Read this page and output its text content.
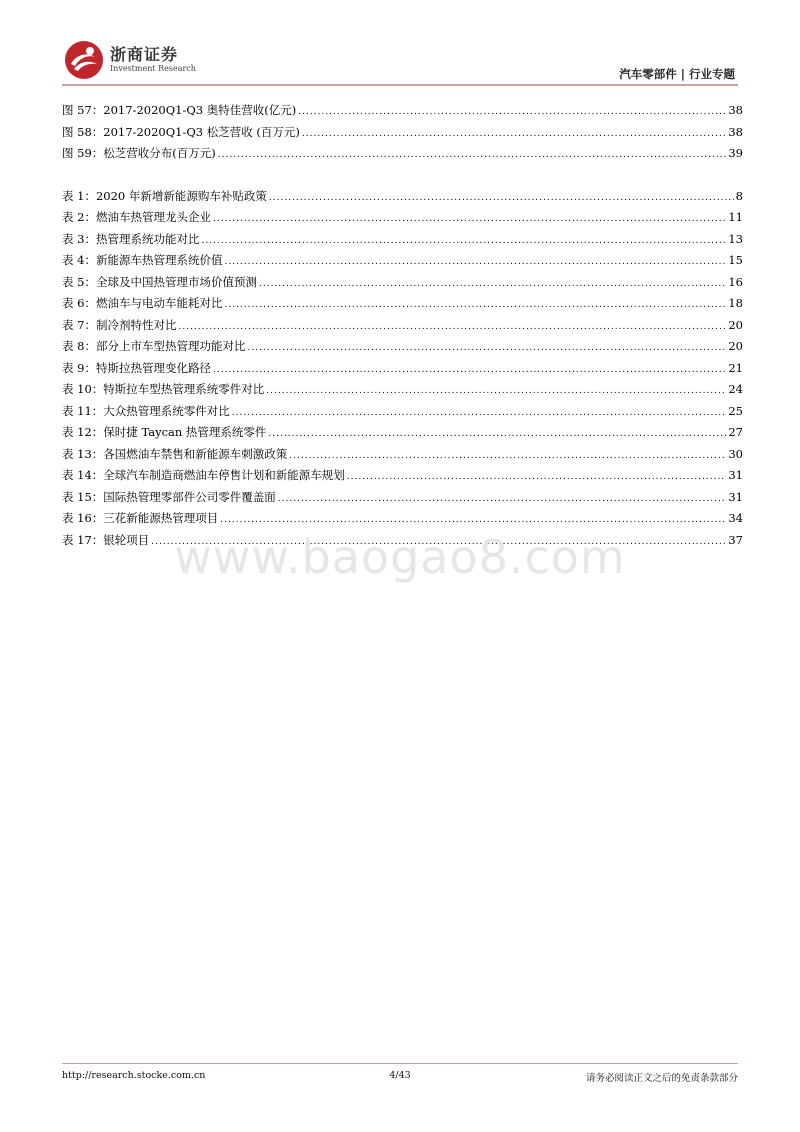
浙商证券
Investment Research	汽车零部件 | 行业专题
图 57：2017-2020Q1-Q3 奥特佳营收(亿元) .....	38
图 58：2017-2020Q1-Q3 松芝营收 (百万元) .....	38
图 59：松芝营收分布(百万元) .....	39
表 1：2020 年新增新能源购车补贴政策 .....	8
表 2：燃油车热管理龙头企业 .....	11
表 3：热管理系统功能对比 .....	13
表 4：新能源车热管理系统价值 .....	15
表 5：全球及中国热管理市场价值预测 .....	16
表 6：燃油车与电动车能耗对比 .....	18
表 7：制冷剂特性对比 .....	20
表 8：部分上市车型热管理功能对比 .....	20
表 9：特斯拉热管理变化路径 .....	21
表 10：特斯拉车型热管理系统零件对比 .....	24
表 11：大众热管理系统零件对比 .....	25
表 12：保时捷 Taycan 热管理系统零件 .....	27
表 13：各国燃油车禁售和新能源车刺激政策 .....	30
表 14：全球汽车制造商燃油车停售计划和新能源车规划 .....	31
表 15：国际热管理零部件公司零件覆盖面 .....	31
表 16：三花新能源热管理项目 .....	34
表 17：银轮项目 .....	37
www.baogao8.com
http://research.stocke.com.cn	4/43	请务必阅读正文之后的免责条款部分
